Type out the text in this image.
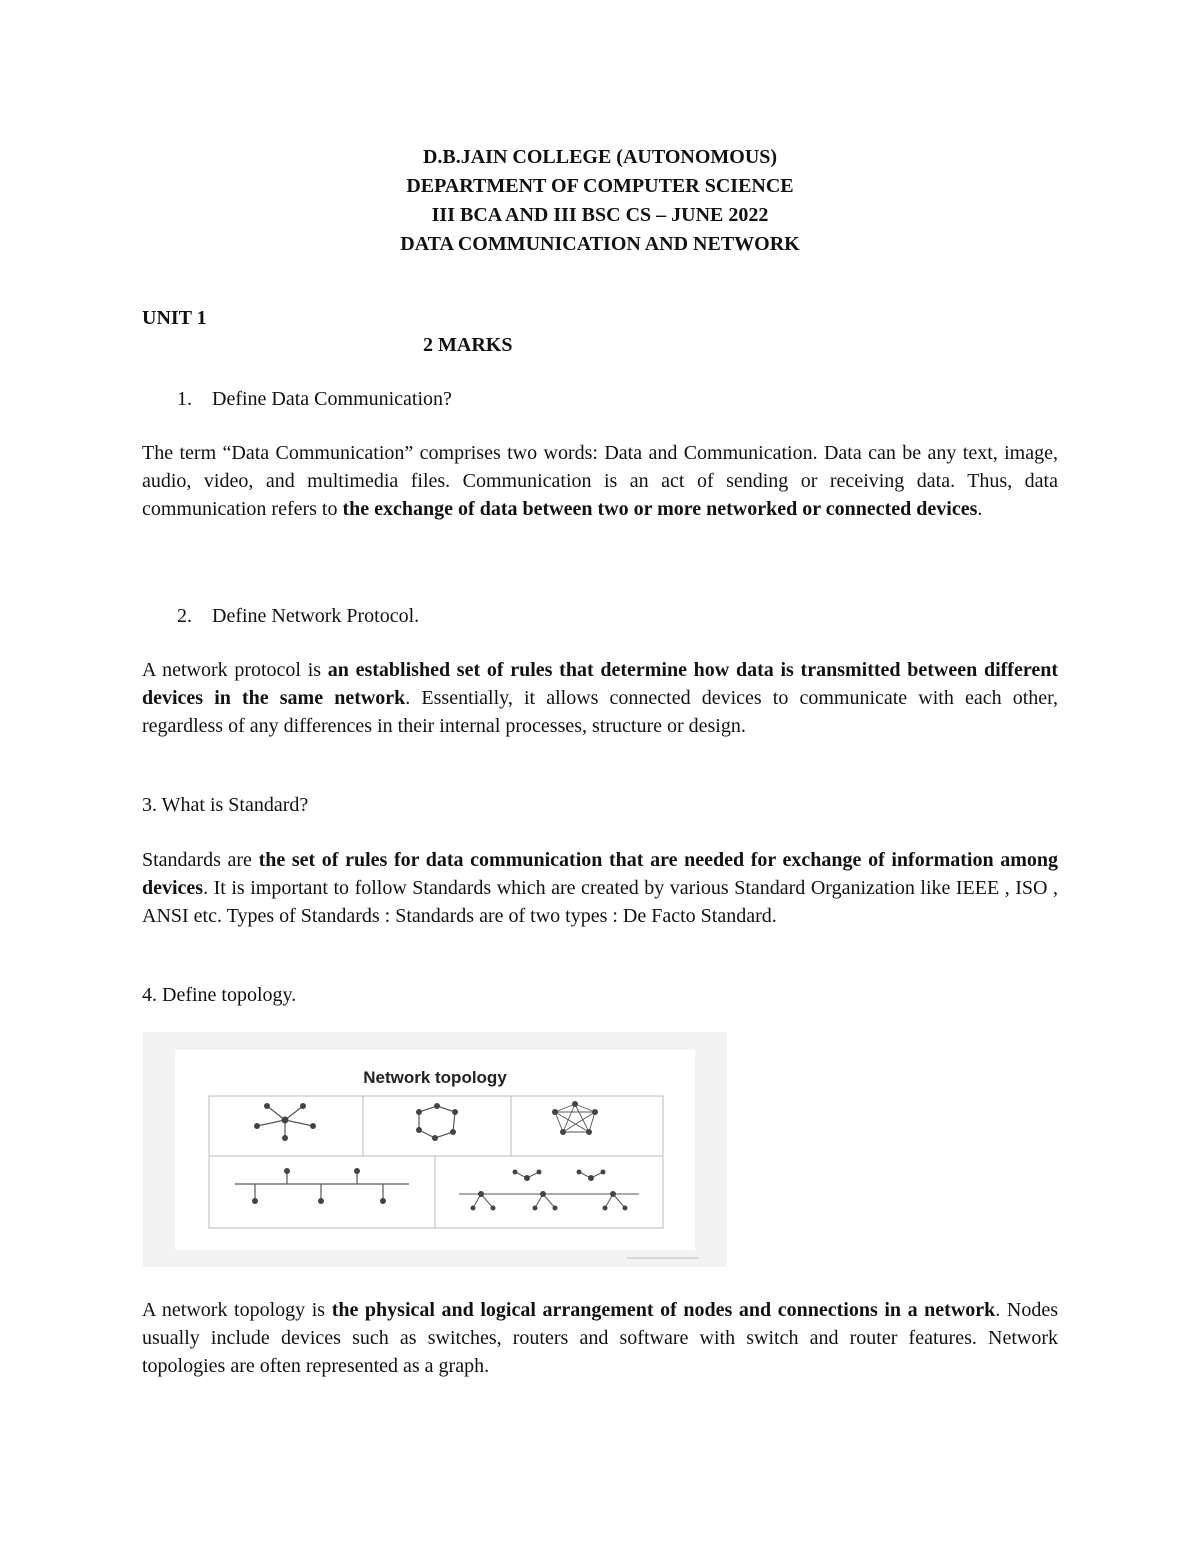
D.B.JAIN COLLEGE (AUTONOMOUS)
DEPARTMENT OF COMPUTER SCIENCE
III BCA AND III BSC CS – JUNE 2022
DATA COMMUNICATION AND NETWORK
UNIT 1
2 MARKS
1. Define Data Communication?
The term “Data Communication” comprises two words: Data and Communication. Data can be any text, image, audio, video, and multimedia files. Communication is an act of sending or receiving data. Thus, data communication refers to the exchange of data between two or more networked or connected devices.
2. Define Network Protocol.
A network protocol is an established set of rules that determine how data is transmitted between different devices in the same network. Essentially, it allows connected devices to communicate with each other, regardless of any differences in their internal processes, structure or design.
3. What is Standard?
Standards are the set of rules for data communication that are needed for exchange of information among devices. It is important to follow Standards which are created by various Standard Organization like IEEE , ISO , ANSI etc. Types of Standards : Standards are of two types : De Facto Standard.
4. Define topology.
Network topology
A network topology is the physical and logical arrangement of nodes and connections in a network. Nodes usually include devices such as switches, routers and software with switch and router features. Network topologies are often represented as a graph.
